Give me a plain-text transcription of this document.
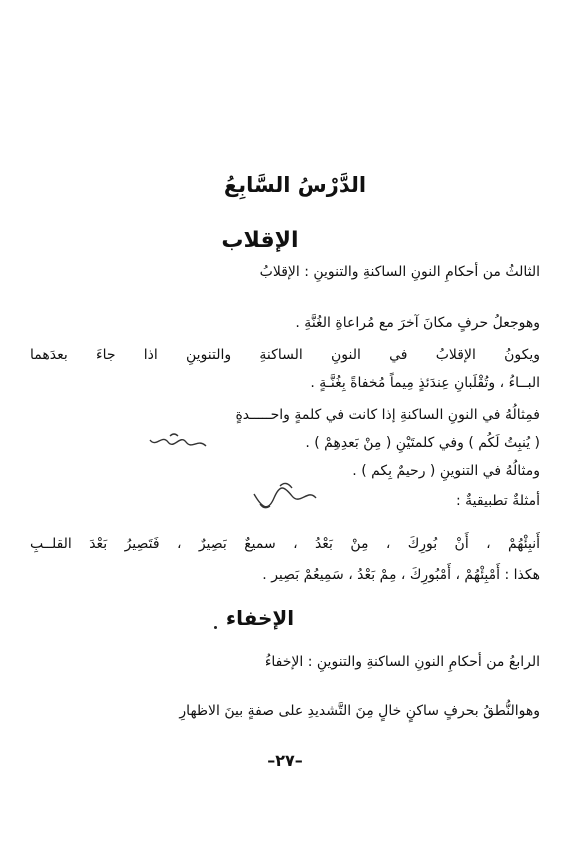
الدَّرْسُ السَّابِعُ
الإقلاب
الثالثُ من أحكامِ النونِ الساكنةِ والتنوينِ : الإقلابُ
وهوجعلُ حرفٍ مكانَ آخرَ مع مُراعاةِ الغُنَّةِ .
ويكونُ الإقلابُ في النونِ الساكنةِ والتنوينِ اذا جاءَ بعدَهما
البــاءُ ، وتُقْلَبانِ عِندَئذٍ مِيماً مُخفاةً بِغُنَّـةٍ .
فمِثالُهُ في النونِ الساكنةِ إذا كانت في كلمةٍ واحـــــدةٍ
( يُنبِتُ لَكُم ) وفي كلمتَيْنِ ( مِنْ بَعدِهِمْ ) .
ومثالُهُ في التنوينِ ( رحيمٌ بِكم ) .
أمثلةٌ تطبيقيةٌ :
أَنبِئْهُمْ ، أَنْ بُورِكَ ، مِنْ بَعْدُ ، سميعٌ بَصِيرٌ ، فَتَصِيرُ بَعْدَ القلــبِ
هكذا : أَمْبِئْهُمْ ، أَمْبُورِكَ ، مِمْ بَعْدُ ، سَمِيعُمْ بَصِير .
الإخفاء
الرابعُ من أحكامِ النونِ الساكنةِ والتنوينِ : الإخفاءُ
وهوالنُّطقُ بحرفٍ ساكنٍ خالٍ مِنَ التَّشديدِ على صفةٍ بينَ الاظهارِ
–٢٧–
